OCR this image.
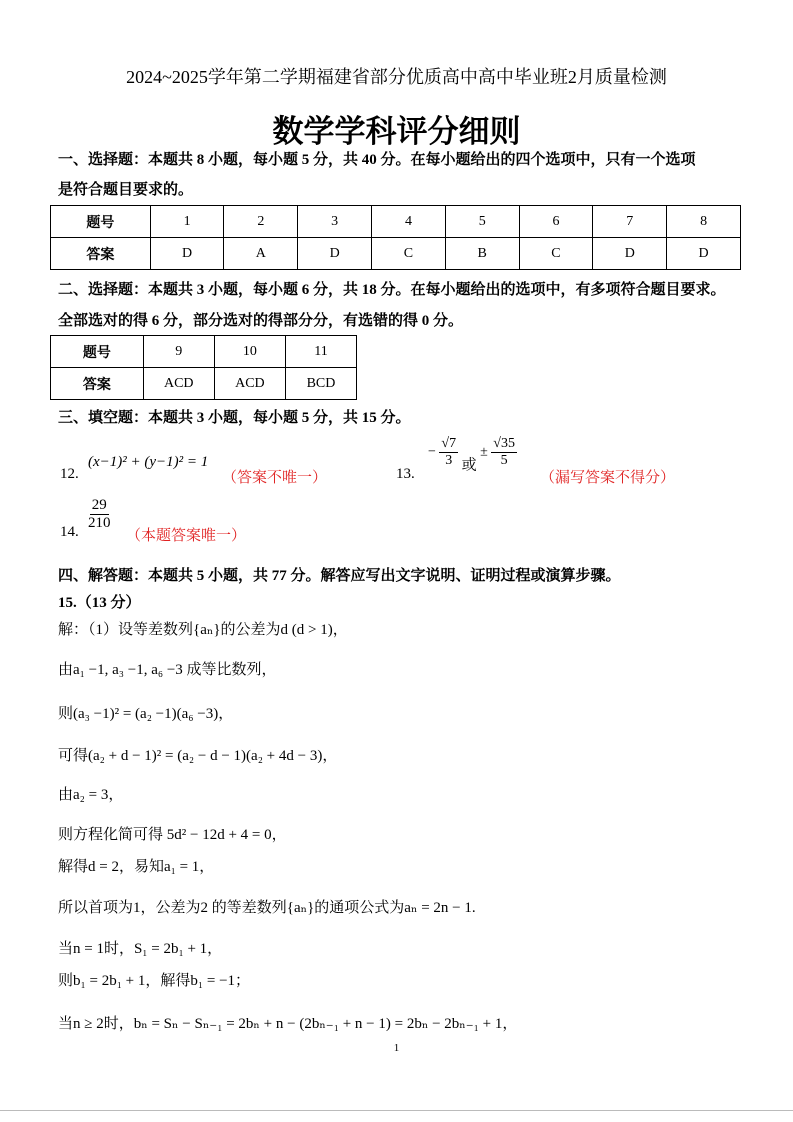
2024~2025学年第二学期福建省部分优质高中高中毕业班2月质量检测
数学学科评分细则
一、选择题：本题共 8 小题，每小题 5 分，共 40 分。在每小题给出的四个选项中，只有一个选项
是符合题目要求的。
题号	1	2	3	4	5	6	7	8
答案	D	A	D	C	B	C	D	D
二、选择题：本题共 3 小题，每小题 6 分，共 18 分。在每小题给出的选项中，有多项符合题目要求。
全部选对的得 6 分，部分选对的得部分分，有选错的得 0 分。
题号	9	10	11
答案	ACD	ACD	BCD
三、填空题：本题共 3 小题，每小题 5 分，共 15 分。
12.
(x−1)² + (y−1)² = 1
（答案不唯一）	13.
− $\frac{√7}{3}$ 或 ± $\frac{√35}{5}$
（漏写答案不得分）
14. $\frac{29}{210}$
（本题答案唯一）
四、解答题：本题共 5 小题，共 77 分。解答应写出文字说明、证明过程或演算步骤。
15.（13 分）
解：（1）设等差数列{aₙ}的公差为d (d > 1)，
由a₁ −1, a₃ −1, a₆ −3 成等比数列，
则(a₃ −1)² = (a₂ −1)(a₆ −3)，
可得(a₂ + d − 1)² = (a₂ − d − 1)(a₂ + 4d − 3)，
由a₂ = 3，
则方程化简可得 5d² − 12d + 4 = 0，
解得d = 2，易知a₁ = 1，
所以首项为1，公差为2 的等差数列{aₙ}的通项公式为aₙ = 2n − 1.
当n = 1时，S₁ = 2b₁ + 1，
则b₁ = 2b₁ + 1，解得b₁ = −1；
当n ≥ 2时，bₙ = Sₙ − Sₙ₋₁ = 2bₙ + n − (2bₙ₋₁ + n − 1) = 2bₙ − 2bₙ₋₁ + 1，
1
